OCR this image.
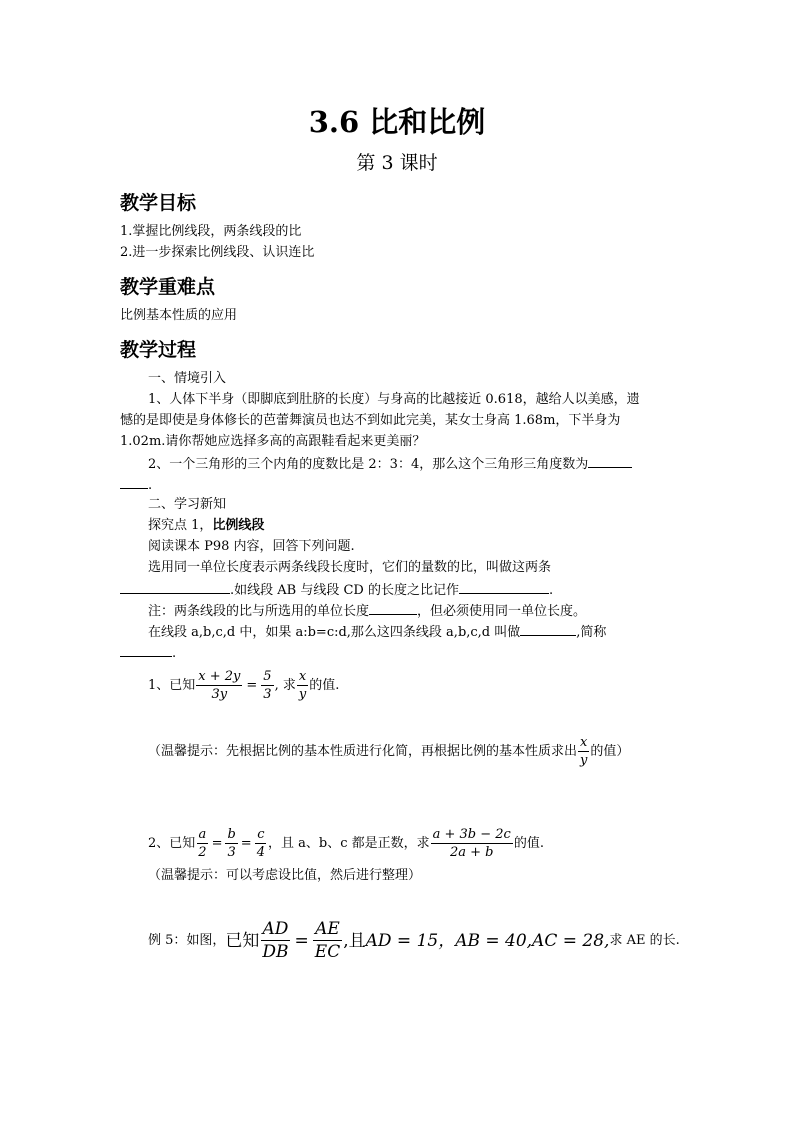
3.6 比和比例
第 3 课时
教学目标
1.掌握比例线段，两条线段的比
2.进一步探索比例线段、认识连比
教学重难点
比例基本性质的应用
教学过程
一、情境引入
1、人体下半身（即脚底到肚脐的长度）与身高的比越接近 0.618，越给人以美感，遗
憾的是即使是身体修长的芭蕾舞演员也达不到如此完美，某女士身高 1.68m，下半身为
1.02m.请你帮她应选择多高的高跟鞋看起来更美丽？
2、一个三角形的三个内角的度数比是 2：3：4，那么这个三角形三角度数为
.
二、学习新知
探究点 1，比例线段
阅读课本 P98 内容，回答下列问题.
选用同一单位长度表示两条线段长度时，它们的量数的比，叫做这两条
.如线段 AB 与线段 CD 的长度之比记作	.
注：两条线段的比与所选用的单位长度	，但必须使用同一单位长度。
在线段 a,b,c,d 中，如果 a:b=c:d,那么这四条线段 a,b,c,d 叫做	,简称
.
1、已知 $\frac{x + 2y}{3y} = \frac{5}{3}$ , 求 $\frac{x}{y}$ 的值.
（温馨提示：先根据比例的基本性质进行化简，再根据比例的基本性质求出 $\frac{x}{y}$ 的值）
2、已知 $\frac{a}{2} = \frac{b}{3} = \frac{c}{4}$ ，且 a、b、c 都是正数，求 $\frac{a + 3b - 2c}{2a + b}$ 的值.
（温馨提示：可以考虑设比值，然后进行整理）
例 5：如图， 已知 $\frac{AD}{DB} = \frac{AE}{EC}$ ,且 AD = 15 ，AB = 40,AC = 28, 求 AE 的长.
